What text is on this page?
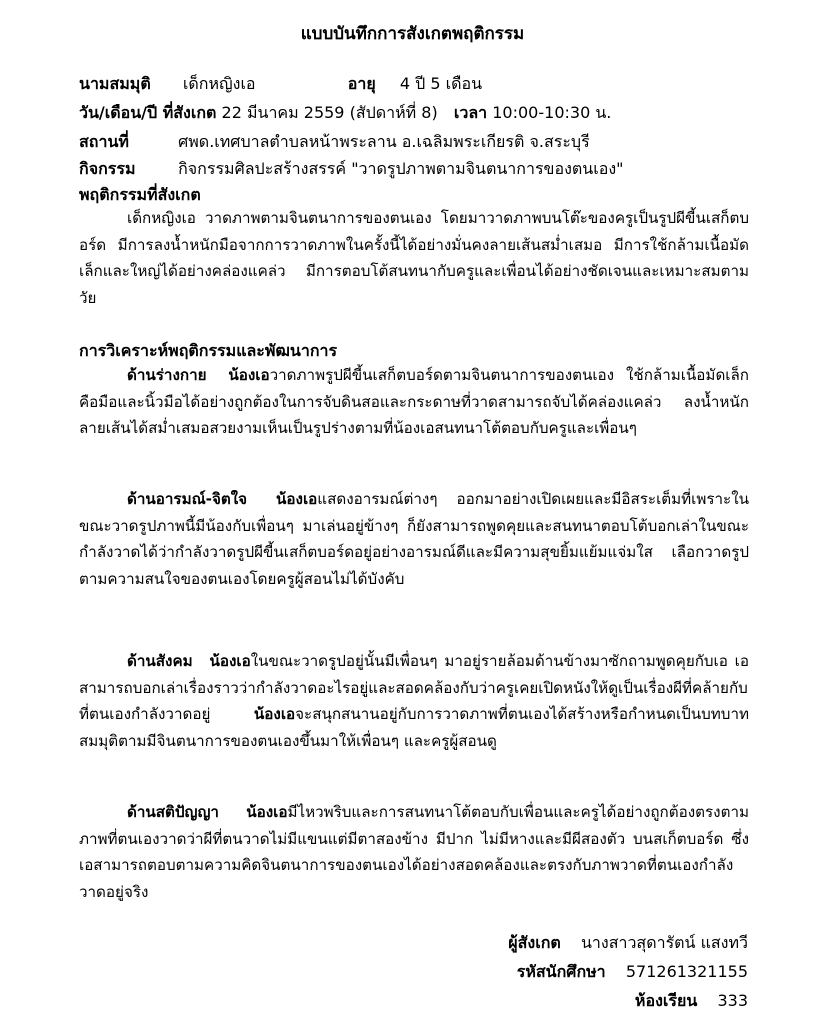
แบบบันทึกการสังเกตพฤติกรรม
นามสมมุติ เด็กหญิงเอ	อายุ 4 ปี 5 เดือน
วัน/เดือน/ปี ที่สังเกต 22 มีนาคม 2559 (สัปดาห์ที่ 8) เวลา 10:00-10:30 น.
สถานที่	ศพด.เทศบาลตำบลหน้าพระลาน อ.เฉลิมพระเกียรติ จ.สระบุรี
กิจกรรม	กิจกรรมศิลปะสร้างสรรค์ "วาดรูปภาพตามจินตนาการของตนเอง"
พฤติกรรมที่สังเกต
เด็กหญิงเอ วาดภาพตามจินตนาการของตนเอง โดยมาวาดภาพบนโต๊ะของครูเป็นรูปผีขี้นเสก็ตบอร์ด มีการลงน้ำหนักมือจากการวาดภาพในครั้งนี้ได้อย่างมั่นคงลายเส้นสม่ำเสมอ มีการใช้กล้ามเนื้อมัดเล็กและใหญ่ได้อย่างคล่องแคล่ว มีการตอบโต้สนทนากับครูและเพื่อนได้อย่างชัดเจนและเหมาะสมตามวัย
การวิเคราะห์พฤติกรรมและพัฒนาการ
ด้านร่างกาย น้องเอวาดภาพรูปผีขี้นเสก็ตบอร์ดตามจินตนาการของตนเอง ใช้กล้ามเนื้อมัดเล็กคือมือและนิ้วมือได้อย่างถูกต้องในการจับดินสอและกระดาษที่วาดสามารถจับได้คล่องแคล่ว ลงน้ำหนักลายเส้นได้สม่ำเสมอสวยงามเห็นเป็นรูปร่างตามที่น้องเอสนทนาโต้ตอบกับครูและเพื่อนๆ
ด้านอารมณ์-จิตใจ น้องเอแสดงอารมณ์ต่างๆ ออกมาอย่างเปิดเผยและมีอิสระเต็มที่เพราะในขณะวาดรูปภาพนี้มีน้องกับเพื่อนๆ มาเล่นอยู่ข้างๆ ก็ยังสามารถพูดคุยและสนทนาตอบโต้บอกเล่าในขณะกำลังวาดได้ว่ากำลังวาดรูปผีขี้นเสก็ตบอร์ดอยู่อย่างอารมณ์ดีและมีความสุขยิ้มแย้มแจ่มใส เลือกวาดรูปตามความสนใจของตนเองโดยครูผู้สอนไม่ได้บังคับ
ด้านสังคม น้องเอในขณะวาดรูปอยู่นั้นมีเพื่อนๆ มาอยู่รายล้อมด้านข้างมาซักถามพูดคุยกับเอ เอสามารถบอกเล่าเรื่องราวว่ากำลังวาดอะไรอยู่และสอดคล้องกับว่าครูเคยเปิดหนังให้ดูเป็นเรื่องผีที่คล้ายกับที่ตนเองกำลังวาดอยู่	น้องเอจะสนุกสนานอยู่กับการวาดภาพที่ตนเองได้สร้างหรือกำหนดเป็นบทบาทสมมุติตามมีจินตนาการของตนเองขึ้นมาให้เพื่อนๆ และครูผู้สอนดู
ด้านสติปัญญา น้องเอมีไหวพริบและการสนทนาโต้ตอบกับเพื่อนและครูได้อย่างถูกต้องตรงตามภาพที่ตนเองวาดว่าผีที่ตนวาดไม่มีแขนแต่มีตาสองข้าง มีปาก ไม่มีหางและมีผีสองตัว บนสเก็ตบอร์ด ซึ่งเอสามารถตอบตามความคิดจินตนาการของตนเองได้อย่างสอดคล้องและตรงกับภาพวาดที่ตนเองกำลังวาดอยู่จริง
ผู้สังเกต นางสาวสุดารัตน์ แสงทวี
รหัสนักศึกษา 571261321155
ห้องเรียน 333
